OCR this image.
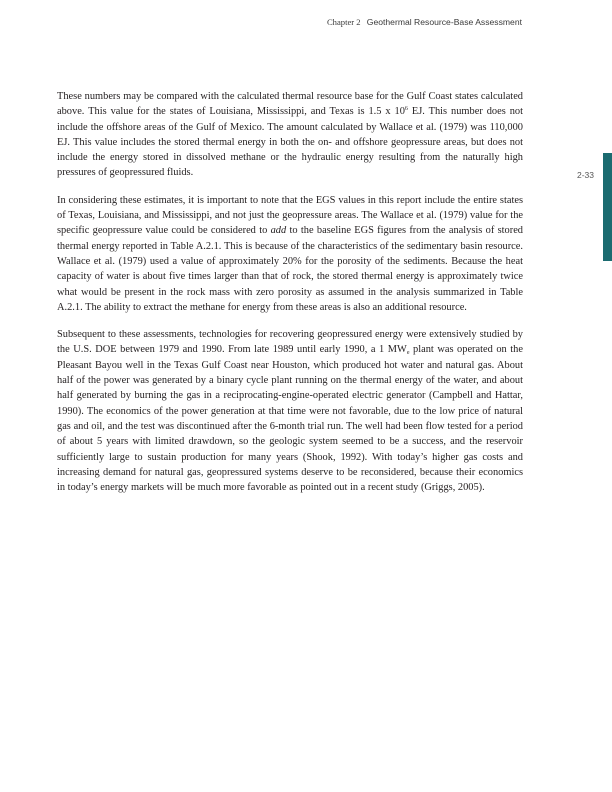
Chapter 2 Geothermal Resource-Base Assessment
2-33

These numbers may be compared with the calculated thermal resource base for the Gulf Coast states calculated above. This value for the states of Louisiana, Mississippi, and Texas is 1.5 x $10^6$ EJ. This number does not include the offshore areas of the Gulf of Mexico. The amount calculated by Wallace et al. (1979) was 110,000 EJ. This value includes the stored thermal energy in both the on- and offshore geopressure areas, but does not include the energy stored in dissolved methane or the hydraulic energy resulting from the naturally high pressures of geopressured fluids.

In considering these estimates, it is important to note that the EGS values in this report include the entire states of Texas, Louisiana, and Mississippi, and not just the geopressure areas. The Wallace et al. (1979) value for the specific geopressure value could be considered to add to the baseline EGS figures from the analysis of stored thermal energy reported in Table A.2.1. This is because of the characteristics of the sedimentary basin resource. Wallace et al. (1979) used a value of approximately 20% for the porosity of the sediments. Because the heat capacity of water is about five times larger than that of rock, the stored thermal energy is approximately twice what would be present in the rock mass with zero porosity as assumed in the analysis summarized in Table A.2.1. The ability to extract the methane for energy from these areas is also an additional resource.

Subsequent to these assessments, technologies for recovering geopressured energy were extensively studied by the U.S. DOE between 1979 and 1990. From late 1989 until early 1990, a 1 $MW_e$ plant was operated on the Pleasant Bayou well in the Texas Gulf Coast near Houston, which produced hot water and natural gas. About half of the power was generated by a binary cycle plant running on the thermal energy of the water, and about half generated by burning the gas in a reciprocating-engine-operated electric generator (Campbell and Hattar, 1990). The economics of the power generation at that time were not favorable, due to the low price of natural gas and oil, and the test was discontinued after the 6-month trial run. The well had been flow tested for a period of about 5 years with limited drawdown, so the geologic system seemed to be a success, and the reservoir sufficiently large to sustain production for many years (Shook, 1992). With today’s higher gas costs and increasing demand for natural gas, geopressured systems deserve to be reconsidered, because their economics in today’s energy markets will be much more favorable as pointed out in a recent study (Griggs, 2005).
